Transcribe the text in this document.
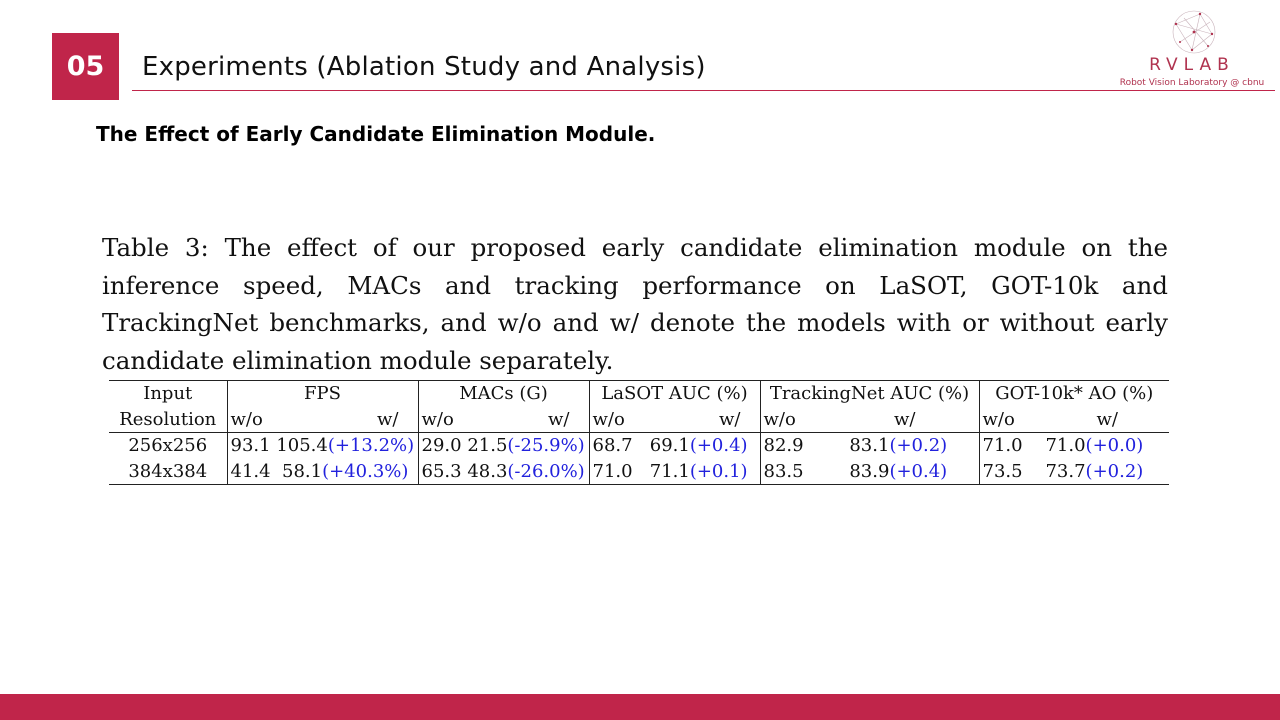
05	Experiments (Ablation Study and Analysis)	RVLAB
Robot Vision Laboratory @ cbnu
The Effect of Early Candidate Elimination Module.
Table 3: The effect of our proposed early candidate elimination module on the inference speed, MACs and tracking performance on LaSOT, GOT-10k and TrackingNet benchmarks, and w/o and w/ denote the models with or without early candidate elimination module separately.
Input	FPS	MACs (G)	LaSOT AUC (%)	TrackingNet AUC (%)	GOT-10k* AO (%)
Resolution	w/o w/	w/o w/	w/o w/	w/o w/	w/o w/

256x256	93.1 105.4(+13.2%)	29.0 21.5(-25.9%)	68.7 69.1(+0.4)	82.9 83.1(+0.2)	71.0 71.0(+0.0)
384x384	41.4 58.1(+40.3%)	65.3 48.3(-26.0%)	71.0 71.1(+0.1)	83.5 83.9(+0.4)	73.5 73.7(+0.2)
